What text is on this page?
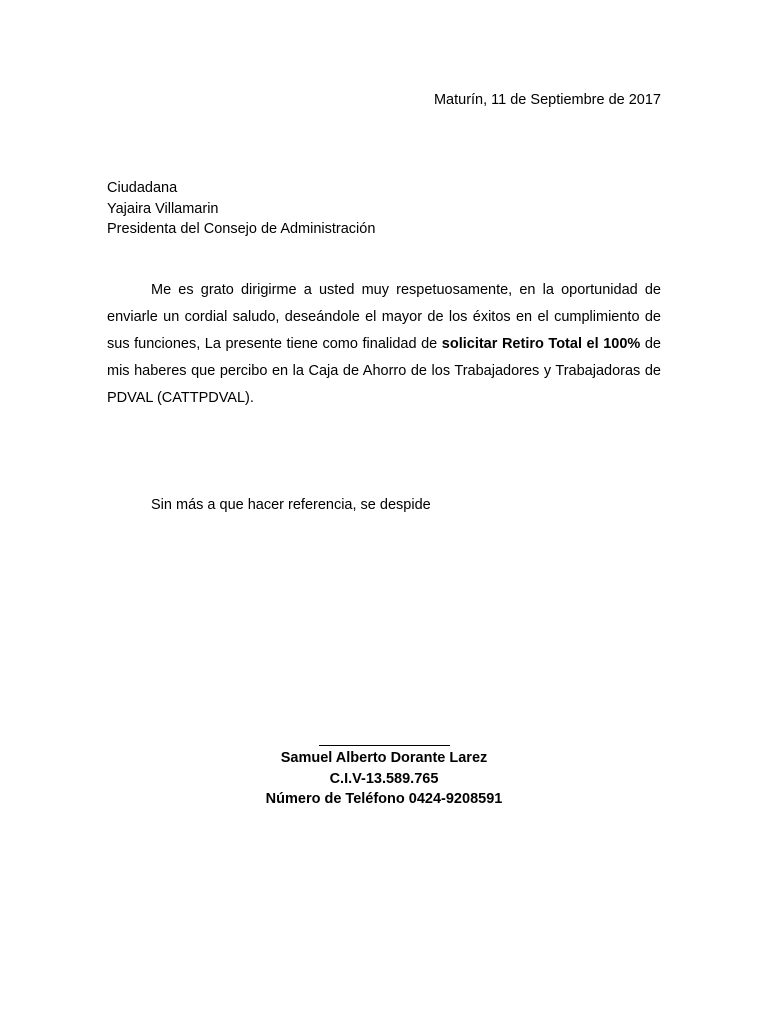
Maturín, 11 de Septiembre de 2017
Ciudadana
Yajaira Villamarin
Presidenta del Consejo de Administración

Me es grato dirigirme a usted muy respetuosamente, en la oportunidad de enviarle un cordial saludo, deseándole el mayor de los éxitos en el cumplimiento de sus funciones, La presente tiene como finalidad de solicitar Retiro Total el 100% de mis haberes que percibo en la Caja de Ahorro de los Trabajadores y Trabajadoras de PDVAL (CATTPDVAL).

Sin más a que hacer referencia, se despide
Samuel Alberto Dorante Larez
C.I.V-13.589.765
Número de Teléfono 0424-9208591
